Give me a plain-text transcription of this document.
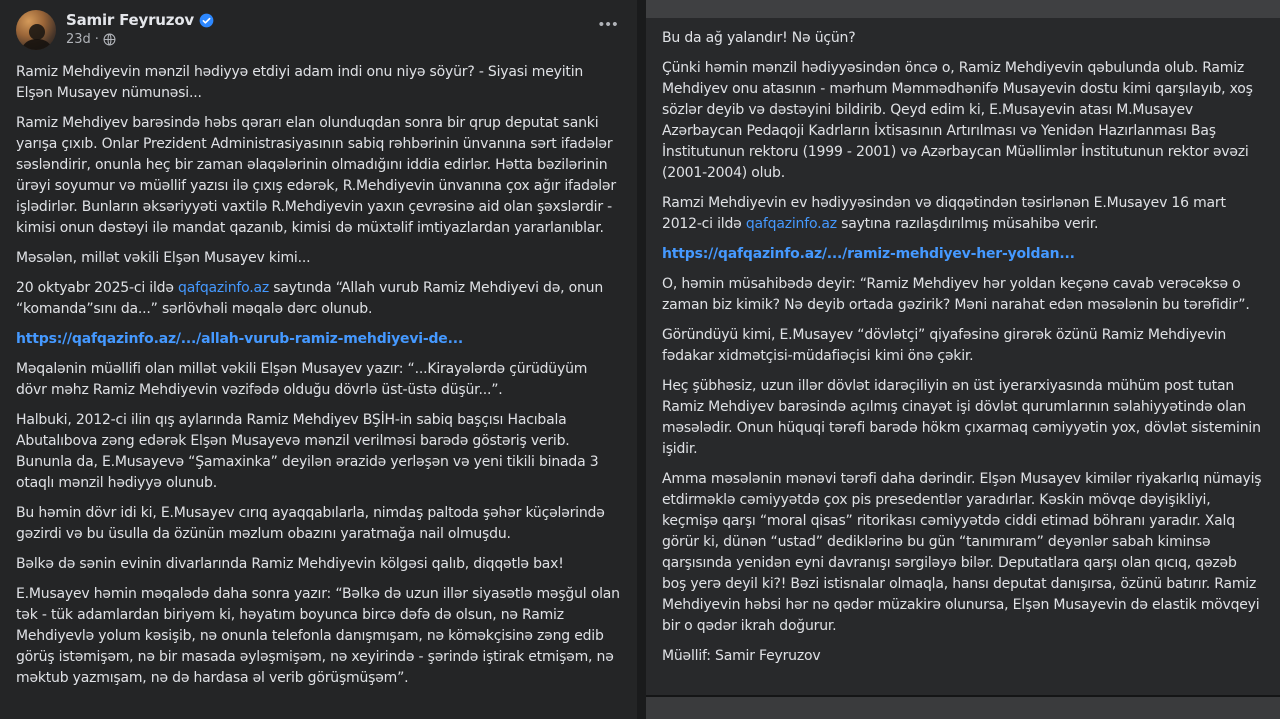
Samir Feyruzov
23d ·
•••

Ramiz Mehdiyevin mənzil hədiyyə etdiyi adam indi onu niyə söyür? - Siyasi meyitin Elşən Musayev nümunəsi...

Ramiz Mehdiyev barəsində həbs qərarı elan olunduqdan sonra bir qrup deputat sanki yarışa çıxıb. Onlar Prezident Administrasiyasının sabiq rəhbərinin ünvanına sərt ifadələr səsləndirir, onunla heç bir zaman əlaqələrinin olmadığını iddia edirlər. Hətta bəzilərinin ürəyi soyumur və müəllif yazısı ilə çıxış edərək, R.Mehdiyevin ünvanına çox ağır ifadələr işlədirlər. Bunların əksəriyyəti vaxtilə R.Mehdiyevin yaxın çevrəsinə aid olan şəxslərdir - kimisi onun dəstəyi ilə mandat qazanıb, kimisi də müxtəlif imtiyazlardan yararlanıblar.

Məsələn, millət vəkili Elşən Musayev kimi...

20 oktyabr 2025-ci ildə qafqazinfo.az saytında “Allah vurub Ramiz Mehdiyevi də, onun “komanda”sını da...” sərlövhəli məqalə dərc olunub.

https://qafqazinfo.az/.../allah-vurub-ramiz-mehdiyevi-de...

Məqalənin müəllifi olan millət vəkili Elşən Musayev yazır: “...Kirayələrdə çürüdüyüm dövr məhz Ramiz Mehdiyevin vəzifədə olduğu dövrlə üst-üstə düşür...”.

Halbuki, 2012-ci ilin qış aylarında Ramiz Mehdiyev BŞİH-in sabiq başçısı Hacıbala Abutalıbova zəng edərək Elşən Musayevə mənzil verilməsi barədə göstəriş verib. Bununla da, E.Musayevə “Şamaxinka” deyilən ərazidə yerləşən və yeni tikili binada 3 otaqlı mənzil hədiyyə olunub.

Bu həmin dövr idi ki, E.Musayev cırıq ayaqqabılarla, nimdaş paltoda şəhər küçələrində gəzirdi və bu üsulla da özünün məzlum obazını yaratmağa nail olmuşdu.

Bəlkə də sənin evinin divarlarında Ramiz Mehdiyevin kölgəsi qalıb, diqqətlə bax!

E.Musayev həmin məqalədə daha sonra yazır: “Bəlkə də uzun illər siyasətlə məşğul olan tək - tük adamlardan biriyəm ki, həyatım boyunca bircə dəfə də olsun, nə Ramiz Mehdiyevlə yolum kəsişib, nə onunla telefonla danışmışam, nə köməkçisinə zəng edib görüş istəmişəm, nə bir masada əyləşmişəm, nə xeyirində - şərində iştirak etmişəm, nə məktub yazmışam, nə də hardasa əl verib görüşmüşəm”.

Bu da ağ yalandır! Nə üçün?

Çünki həmin mənzil hədiyyəsindən öncə o, Ramiz Mehdiyevin qəbulunda olub. Ramiz Mehdiyev onu atasının - mərhum Məmmədhənifə Musayevin dostu kimi qarşılayıb, xoş sözlər deyib və dəstəyini bildirib. Qeyd edim ki, E.Musayevin atası M.Musayev Azərbaycan Pedaqoji Kadrların İxtisasının Artırılması və Yenidən Hazırlanması Baş İnstitutunun rektoru (1999 - 2001) və Azərbaycan Müəllimlər İnstitutunun rektor əvəzi (2001-2004) olub.

Ramzi Mehdiyevin ev hədiyyəsindən və diqqətindən təsirlənən E.Musayev 16 mart 2012-ci ildə qafqazinfo.az saytına razılaşdırılmış müsahibə verir.

https://qafqazinfo.az/.../ramiz-mehdiyev-her-yoldan...

O, həmin müsahibədə deyir: “Ramiz Mehdiyev hər yoldan keçənə cavab verəcəksə o zaman biz kimik? Nə deyib ortada gəzirik? Məni narahat edən məsələnin bu tərəfidir”.

Göründüyü kimi, E.Musayev “dövlətçi” qiyafəsinə girərək özünü Ramiz Mehdiyevin fədakar xidmətçisi-müdafiəçisi kimi önə çəkir.

Heç şübhəsiz, uzun illər dövlət idarəçiliyin ən üst iyerarxiyasında mühüm post tutan Ramiz Mehdiyev barəsində açılmış cinayət işi dövlət qurumlarının səlahiyyətində olan məsələdir. Onun hüquqi tərəfi barədə hökm çıxarmaq cəmiyyətin yox, dövlət sisteminin işidir.

Amma məsələnin mənəvi tərəfi daha dərindir. Elşən Musayev kimilər riyakarlıq nümayiş etdirməklə cəmiyyətdə çox pis presedentlər yaradırlar. Kəskin mövqe dəyişikliyi, keçmişə qarşı “moral qisas” ritorikası cəmiyyətdə ciddi etimad böhranı yaradır. Xalq görür ki, dünən “ustad” dediklərinə bu gün “tanımıram” deyənlər sabah kiminsə qarşısında yenidən eyni davranışı sərgiləyə bilər. Deputatlara qarşı olan qıcıq, qəzəb boş yerə deyil ki?! Bəzi istisnalar olmaqla, hansı deputat danışırsa, özünü batırır. Ramiz Mehdiyevin həbsi hər nə qədər müzakirə olunursa, Elşən Musayevin də elastik mövqeyi bir o qədər ikrah doğurur.

Müəllif: Samir Feyruzov
